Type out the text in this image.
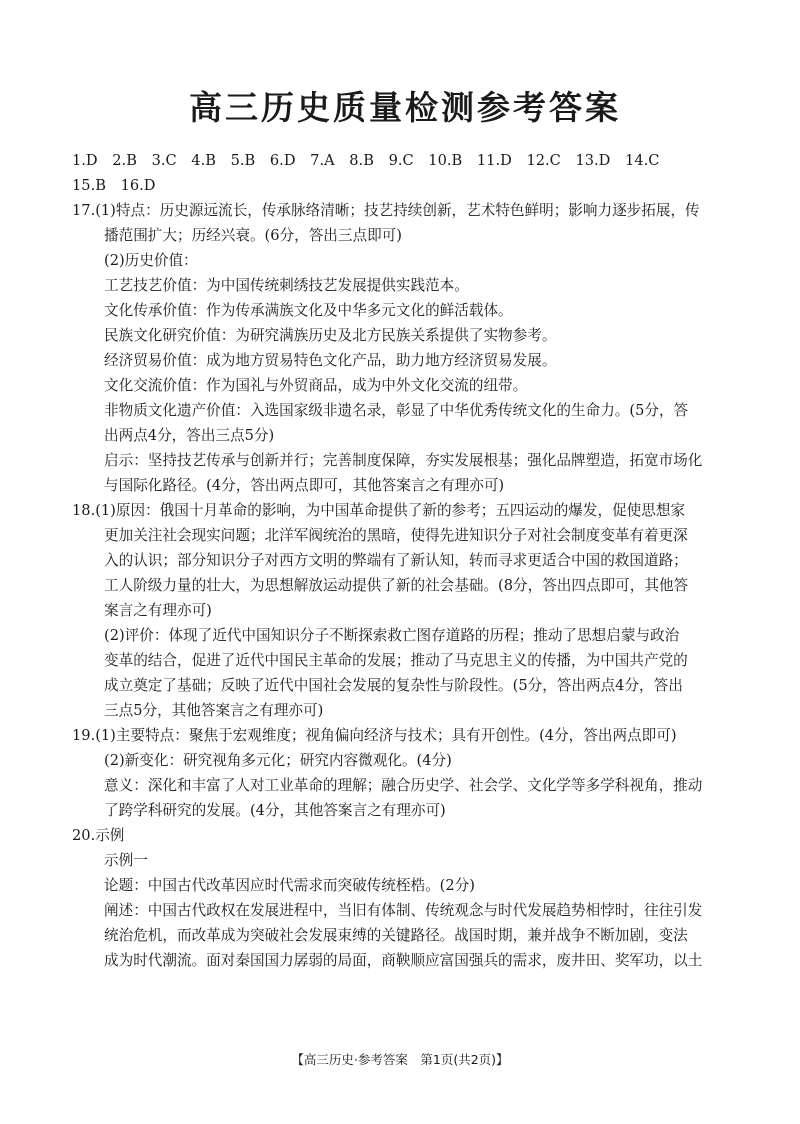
高三历史质量检测参考答案
1.D 2.B 3.C 4.B 5.B 6.D 7.A 8.B 9.C 10.B 11.D 12.C 13.D 14.C
15.B 16.D
17.(1)特点：历史源远流长，传承脉络清晰；技艺持续创新，艺术特色鲜明；影响力逐步拓展，传
播范围扩大；历经兴衰。(6分，答出三点即可)
(2)历史价值：
工艺技艺价值：为中国传统刺绣技艺发展提供实践范本。
文化传承价值：作为传承满族文化及中华多元文化的鲜活载体。
民族文化研究价值：为研究满族历史及北方民族关系提供了实物参考。
经济贸易价值：成为地方贸易特色文化产品，助力地方经济贸易发展。
文化交流价值：作为国礼与外贸商品，成为中外文化交流的纽带。
非物质文化遗产价值：入选国家级非遗名录，彰显了中华优秀传统文化的生命力。(5分，答
出两点4分，答出三点5分)
启示：坚持技艺传承与创新并行；完善制度保障，夯实发展根基；强化品牌塑造，拓宽市场化
与国际化路径。(4分，答出两点即可，其他答案言之有理亦可)
18.(1)原因：俄国十月革命的影响，为中国革命提供了新的参考；五四运动的爆发，促使思想家
更加关注社会现实问题；北洋军阀统治的黑暗，使得先进知识分子对社会制度变革有着更深
入的认识；部分知识分子对西方文明的弊端有了新认知，转而寻求更适合中国的救国道路；
工人阶级力量的壮大，为思想解放运动提供了新的社会基础。(8分，答出四点即可，其他答
案言之有理亦可)
(2)评价：体现了近代中国知识分子不断探索救亡图存道路的历程；推动了思想启蒙与政治
变革的结合，促进了近代中国民主革命的发展；推动了马克思主义的传播，为中国共产党的
成立奠定了基础；反映了近代中国社会发展的复杂性与阶段性。(5分，答出两点4分，答出
三点5分，其他答案言之有理亦可)
19.(1)主要特点：聚焦于宏观维度；视角偏向经济与技术；具有开创性。(4分，答出两点即可)
(2)新变化：研究视角多元化；研究内容微观化。(4分)
意义：深化和丰富了人对工业革命的理解；融合历史学、社会学、文化学等多学科视角，推动
了跨学科研究的发展。(4分，其他答案言之有理亦可)
20.示例
示例一
论题：中国古代改革因应时代需求而突破传统桎梏。(2分)
阐述：中国古代政权在发展进程中，当旧有体制、传统观念与时代发展趋势相悖时，往往引发
统治危机，而改革成为突破社会发展束缚的关键路径。战国时期，兼并战争不断加剧，变法
成为时代潮流。面对秦国国力孱弱的局面，商鞅顺应富国强兵的需求，废井田、奖军功，以土
【高三历史·参考答案　第1页(共2页)】
